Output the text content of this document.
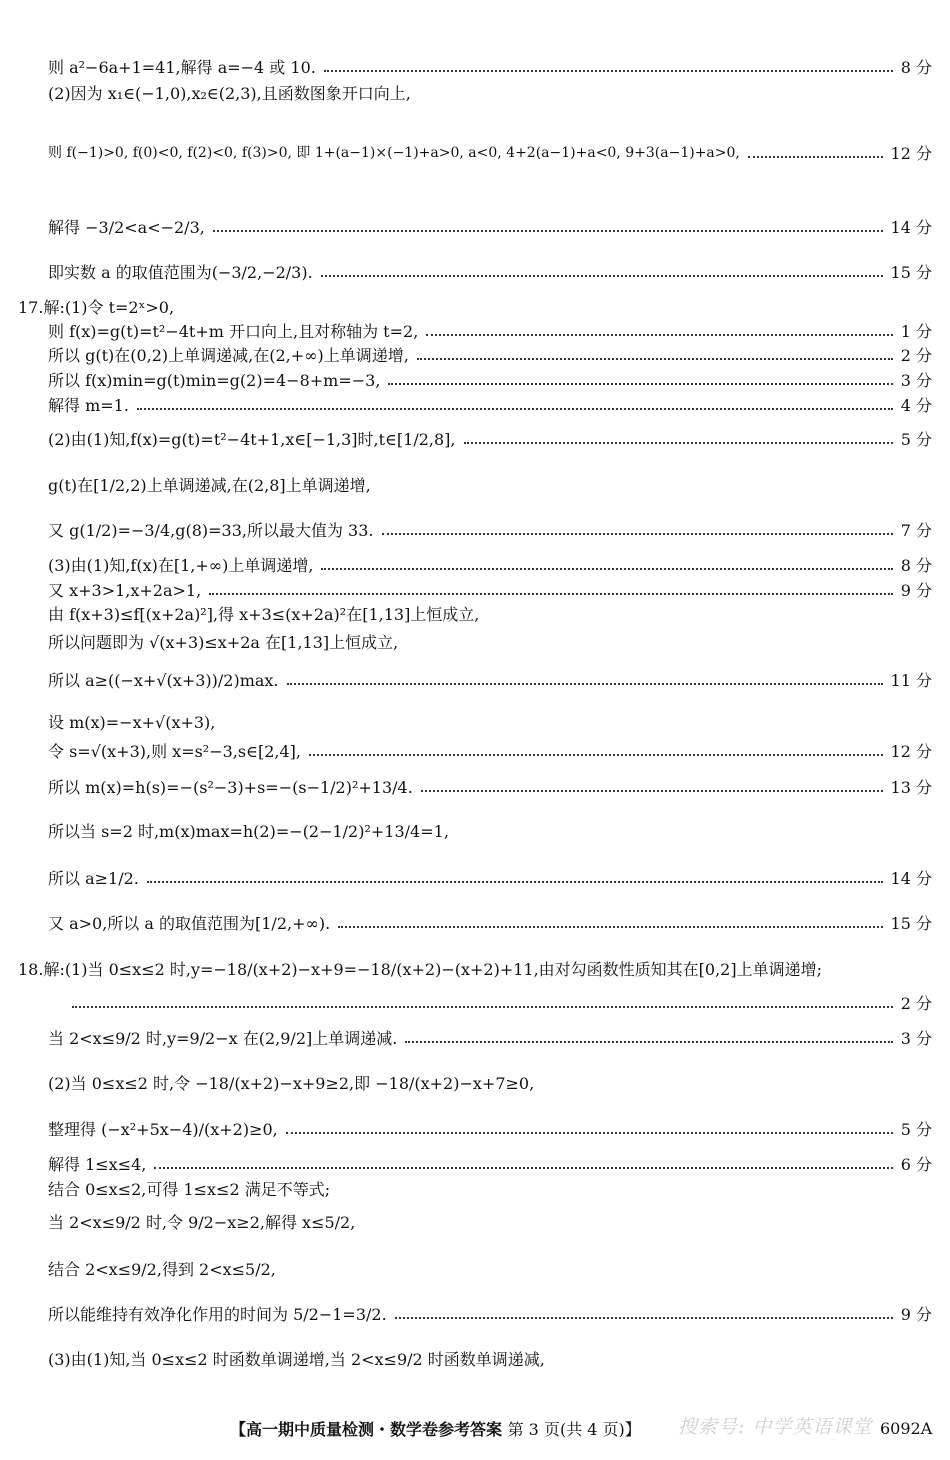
则 a²−6a+1=41,解得 a=−4 或 10.	8 分
(2)因为 x₁∈(−1,0),x₂∈(2,3),且函数图象开口向上,
则 f(−1)>0, f(0)<0, f(2)<0, f(3)>0, 即 1+(a−1)×(−1)+a>0, a<0, 4+2(a−1)+a<0, 9+3(a−1)+a>0,	12 分
解得 −3/2<a<−2/3,	14 分
即实数 a 的取值范围为(−3/2,−2/3).	15 分
17.解:(1)令 t=2ˣ>0,
则 f(x)=g(t)=t²−4t+m 开口向上,且对称轴为 t=2,	1 分
所以 g(t)在(0,2)上单调递减,在(2,+∞)上单调递增,	2 分
所以 f(x)min=g(t)min=g(2)=4−8+m=−3,	3 分
解得 m=1.	4 分
(2)由(1)知,f(x)=g(t)=t²−4t+1,x∈[−1,3]时,t∈[1/2,8],	5 分
g(t)在[1/2,2)上单调递减,在(2,8]上单调递增,
又 g(1/2)=−3/4,g(8)=33,所以最大值为 33.	7 分
(3)由(1)知,f(x)在[1,+∞)上单调递增,	8 分
又 x+3>1,x+2a>1,	9 分
由 f(x+3)≤f[(x+2a)²],得 x+3≤(x+2a)²在[1,13]上恒成立,
所以问题即为 √(x+3)≤x+2a 在[1,13]上恒成立,
所以 a≥((−x+√(x+3))/2)max.	11 分
设 m(x)=−x+√(x+3),
令 s=√(x+3),则 x=s²−3,s∈[2,4],	12 分
所以 m(x)=h(s)=−(s²−3)+s=−(s−1/2)²+13/4.	13 分
所以当 s=2 时,m(x)max=h(2)=−(2−1/2)²+13/4=1,
所以 a≥1/2.	14 分
又 a>0,所以 a 的取值范围为[1/2,+∞).	15 分
18.解:(1)当 0≤x≤2 时,y=−18/(x+2)−x+9=−18/(x+2)−(x+2)+11,由对勾函数性质知其在[0,2]上单调递增;
2 分
当 2<x≤9/2 时,y=9/2−x 在(2,9/2]上单调递减.	3 分
(2)当 0≤x≤2 时,令 −18/(x+2)−x+9≥2,即 −18/(x+2)−x+7≥0,
整理得 (−x²+5x−4)/(x+2)≥0,	5 分
解得 1≤x≤4,	6 分
结合 0≤x≤2,可得 1≤x≤2 满足不等式;
当 2<x≤9/2 时,令 9/2−x≥2,解得 x≤5/2,
结合 2<x≤9/2,得到 2<x≤5/2,
所以能维持有效净化作用的时间为 5/2−1=3/2.	9 分
(3)由(1)知,当 0≤x≤2 时函数单调递增,当 2<x≤9/2 时函数单调递减,
【高一期中质量检测・数学卷参考答案 第 3 页(共 4 页)】 搜索号: 中学英语课堂 6092A
